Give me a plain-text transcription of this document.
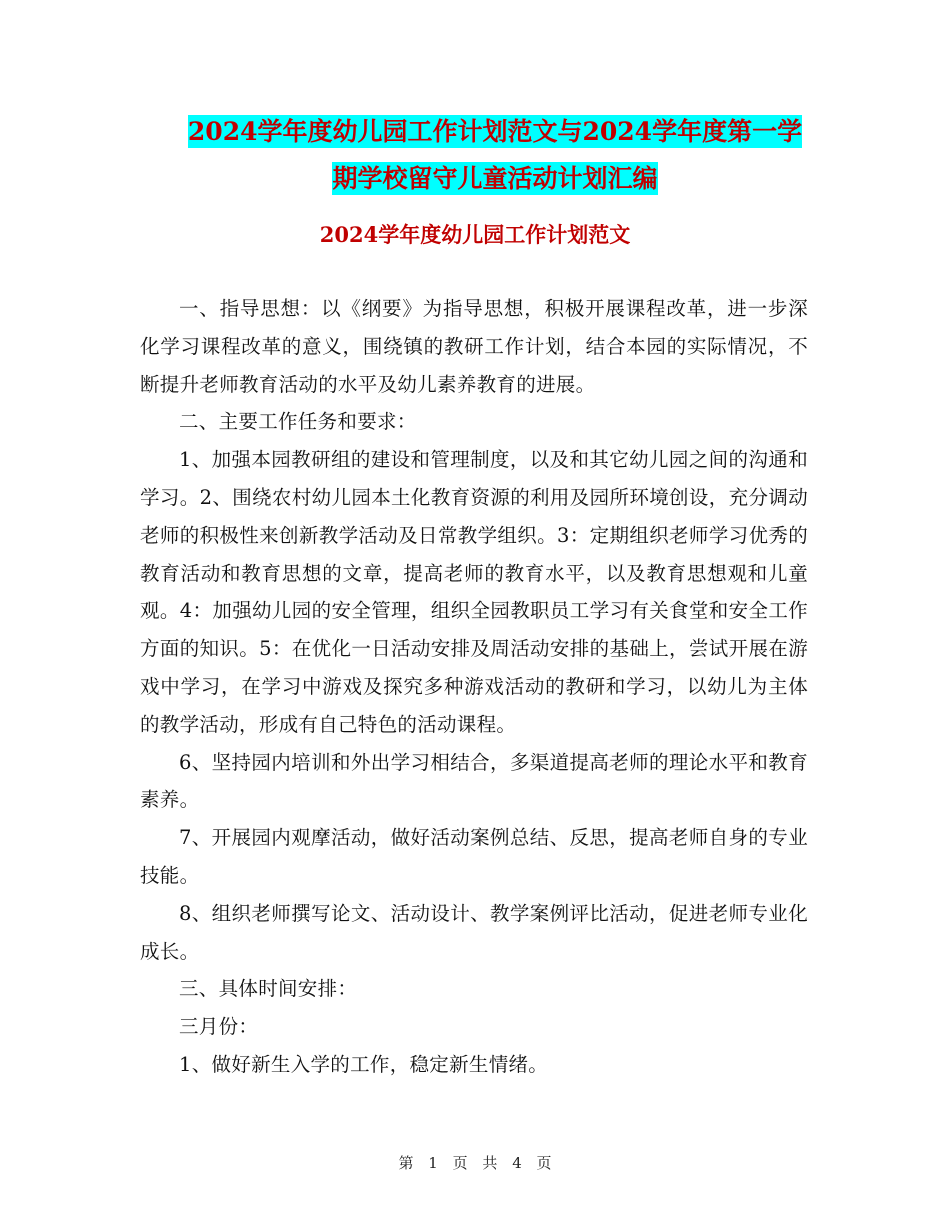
2024学年度幼儿园工作计划范文与2024学年度第一学
期学校留守儿童活动计划汇编
2024学年度幼儿园工作计划范文

一、指导思想：以《纲要》为指导思想，积极开展课程改革，进一步深化学习课程改革的意义，围绕镇的教研工作计划，结合本园的实际情况，不断提升老师教育活动的水平及幼儿素养教育的进展。

二、主要工作任务和要求：

1、加强本园教研组的建设和管理制度，以及和其它幼儿园之间的沟通和学习。2、围绕农村幼儿园本土化教育资源的利用及园所环境创设，充分调动老师的积极性来创新教学活动及日常教学组织。3：定期组织老师学习优秀的教育活动和教育思想的文章，提高老师的教育水平，以及教育思想观和儿童观。4：加强幼儿园的安全管理，组织全园教职员工学习有关食堂和安全工作方面的知识。5：在优化一日活动安排及周活动安排的基础上，尝试开展在游戏中学习，在学习中游戏及探究多种游戏活动的教研和学习，以幼儿为主体的教学活动，形成有自己特色的活动课程。

6、坚持园内培训和外出学习相结合，多渠道提高老师的理论水平和教育素养。

7、开展园内观摩活动，做好活动案例总结、反思，提高老师自身的专业技能。

8、组织老师撰写论文、活动设计、教学案例评比活动，促进老师专业化成长。

三、具体时间安排：

三月份：

1、做好新生入学的工作，稳定新生情绪。

第 1 页 共 4 页
